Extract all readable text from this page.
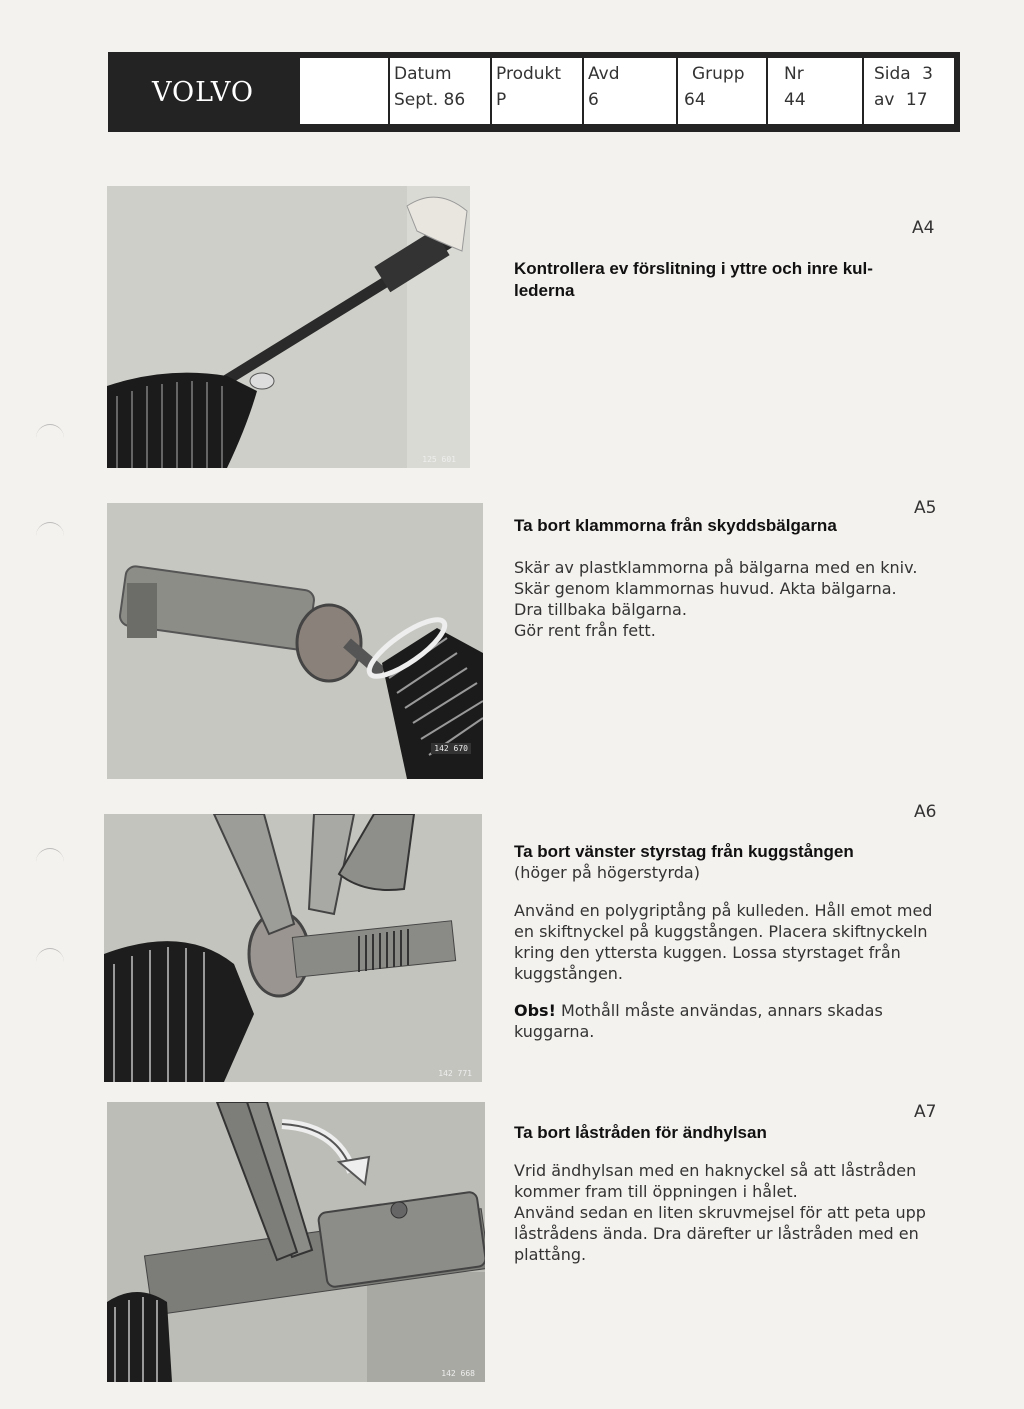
VOLVO
Datum
Sept. 86
Produkt
P
Avd
6
Grupp
64
Nr
44
Sida 3
av 17
125 601
A4
Kontrollera ev förslitning i yttre och inre kul-
lederna
142 670
A5
Ta bort klammorna från skyddsbälgarna

Skär av plastklammorna på bälgarna med en kniv. Skär genom klammornas huvud. Akta bälgarna.
Dra tillbaka bälgarna.
Gör rent från fett.

142 771
A6
Ta bort vänster styrstag från kuggstången
(höger på högerstyrda)

Använd en polygriptång på kulleden. Håll emot med en skiftnyckel på kuggstången. Placera skiftnyckeln kring den yttersta kuggen. Lossa styrstaget från kuggstången.

Obs! Mothåll måste användas, annars skadas kuggarna.

142 668
A7
Ta bort låstråden för ändhylsan

Vrid ändhylsan med en haknyckel så att låstråden kommer fram till öppningen i hålet.
Använd sedan en liten skruvmejsel för att peta upp låstrådens ända. Dra därefter ur låstråden med en plattång.
